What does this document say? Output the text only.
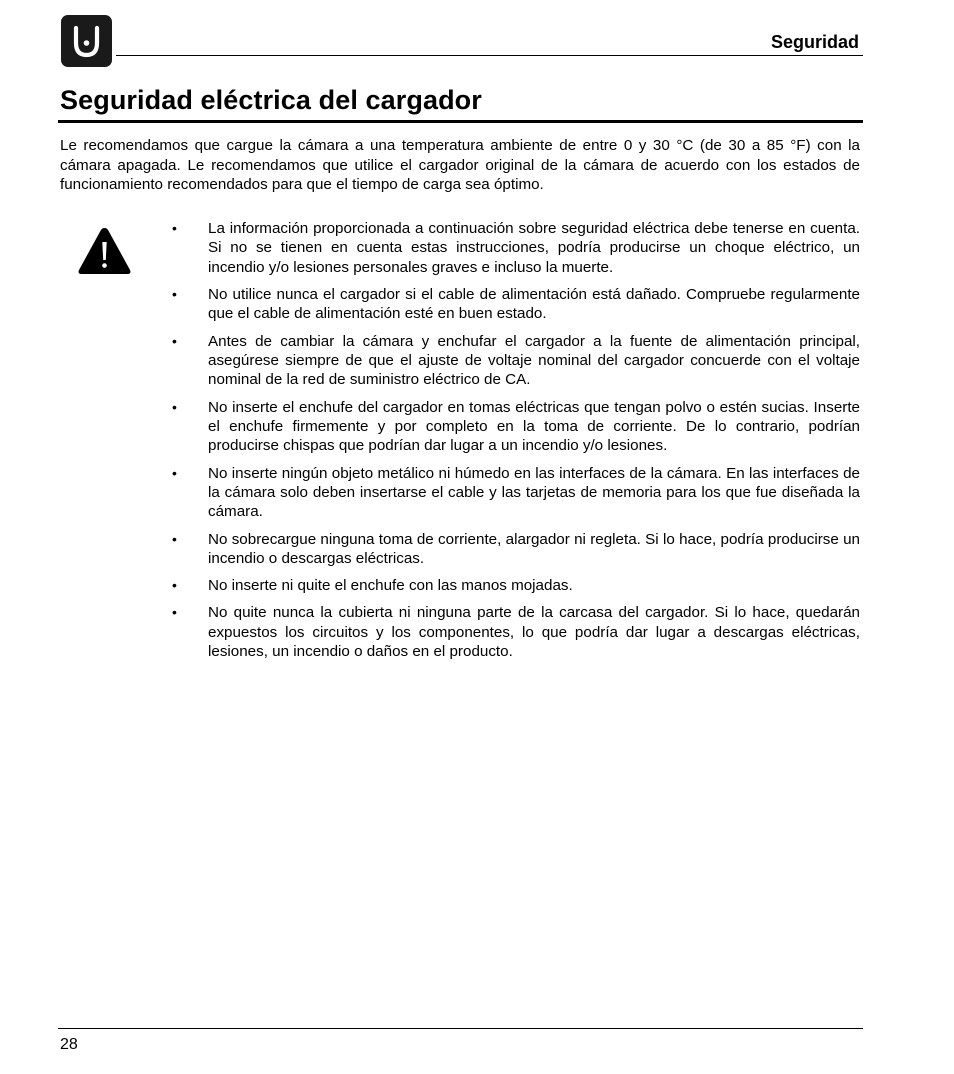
Seguridad
Seguridad eléctrica del cargador

Le recomendamos que cargue la cámara a una temperatura ambiente de entre 0 y 30 °C (de 30 a 85 °F) con la cámara apagada. Le recomendamos que utilice el cargador original de la cámara de acuerdo con los estados de funcionamiento recomendados para que el tiempo de carga sea óptimo.

• La información proporcionada a continuación sobre seguridad eléctrica debe tenerse en cuenta. Si no se tienen en cuenta estas instrucciones, podría producirse un choque eléctrico, un incendio y/o lesiones personales graves e incluso la muerte.
• No utilice nunca el cargador si el cable de alimentación está dañado. Compruebe regularmente que el cable de alimentación esté en buen estado.
• Antes de cambiar la cámara y enchufar el cargador a la fuente de alimentación principal, asegúrese siempre de que el ajuste de voltaje nominal del cargador concuerde con el voltaje nominal de la red de suministro eléctrico de CA.
• No inserte el enchufe del cargador en tomas eléctricas que tengan polvo o estén sucias. Inserte el enchufe firmemente y por completo en la toma de corriente. De lo contrario, podrían producirse chispas que podrían dar lugar a un incendio y/o lesiones.
• No inserte ningún objeto metálico ni húmedo en las interfaces de la cámara. En las interfaces de la cámara solo deben insertarse el cable y las tarjetas de memoria para los que fue diseñada la cámara.
• No sobrecargue ninguna toma de corriente, alargador ni regleta. Si lo hace, podría producirse un incendio o descargas eléctricas.
• No inserte ni quite el enchufe con las manos mojadas.
• No quite nunca la cubierta ni ninguna parte de la carcasa del cargador. Si lo hace, quedarán expuestos los circuitos y los componentes, lo que podría dar lugar a descargas eléctricas, lesiones, un incendio o daños en el producto.
28
